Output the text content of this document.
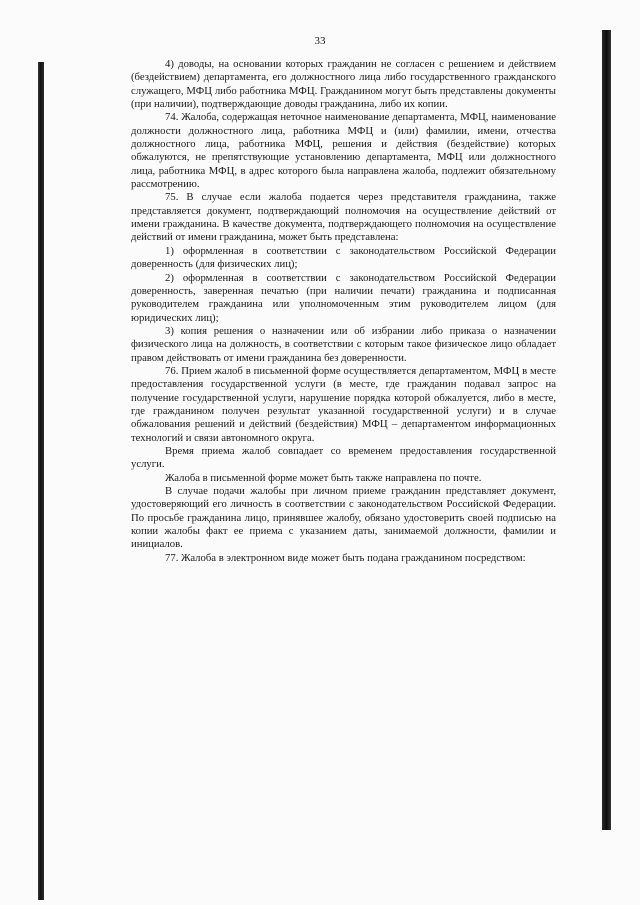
33

4) доводы, на основании которых гражданин не согласен с решением и действием (бездействием) департамента, его должностного лица либо государственного гражданского служащего, МФЦ либо работника МФЦ. Гражданином могут быть представлены документы (при наличии), подтверждающие доводы гражданина, либо их копии.

74. Жалоба, содержащая неточное наименование департамента, МФЦ, наименование должности должностного лица, работника МФЦ и (или) фамилии, имени, отчества должностного лица, работника МФЦ, решения и действия (бездействие) которых обжалуются, не препятствующие установлению департамента, МФЦ или должностного лица, работника МФЦ, в адрес которого была направлена жалоба, подлежит обязательному рассмотрению.

75. В случае если жалоба подается через представителя гражданина, также представляется документ, подтверждающий полномочия на осуществление действий от имени гражданина. В качестве документа, подтверждающего полномочия на осуществление действий от имени гражданина, может быть представлена:

1) оформленная в соответствии с законодательством Российской Федерации доверенность (для физических лиц);

2) оформленная в соответствии с законодательством Российской Федерации доверенность, заверенная печатью (при наличии печати) гражданина и подписанная руководителем гражданина или уполномоченным этим руководителем лицом (для юридических лиц);

3) копия решения о назначении или об избрании либо приказа о назначении физического лица на должность, в соответствии с которым такое физическое лицо обладает правом действовать от имени гражданина без доверенности.

76. Прием жалоб в письменной форме осуществляется департаментом, МФЦ в месте предоставления государственной услуги (в месте, где гражданин подавал запрос на получение государственной услуги, нарушение порядка которой обжалуется, либо в месте, где гражданином получен результат указанной государственной услуги) и в случае обжалования решений и действий (бездействия) МФЦ – департаментом информационных технологий и связи автономного округа.

Время приема жалоб совпадает со временем предоставления государственной услуги.

Жалоба в письменной форме может быть также направлена по почте.

В случае подачи жалобы при личном приеме гражданин представляет документ, удостоверяющий его личность в соответствии с законодательством Российской Федерации. По просьбе гражданина лицо, принявшее жалобу, обязано удостоверить своей подписью на копии жалобы факт ее приема с указанием даты, занимаемой должности, фамилии и инициалов.

77. Жалоба в электронном виде может быть подана гражданином посредством:
